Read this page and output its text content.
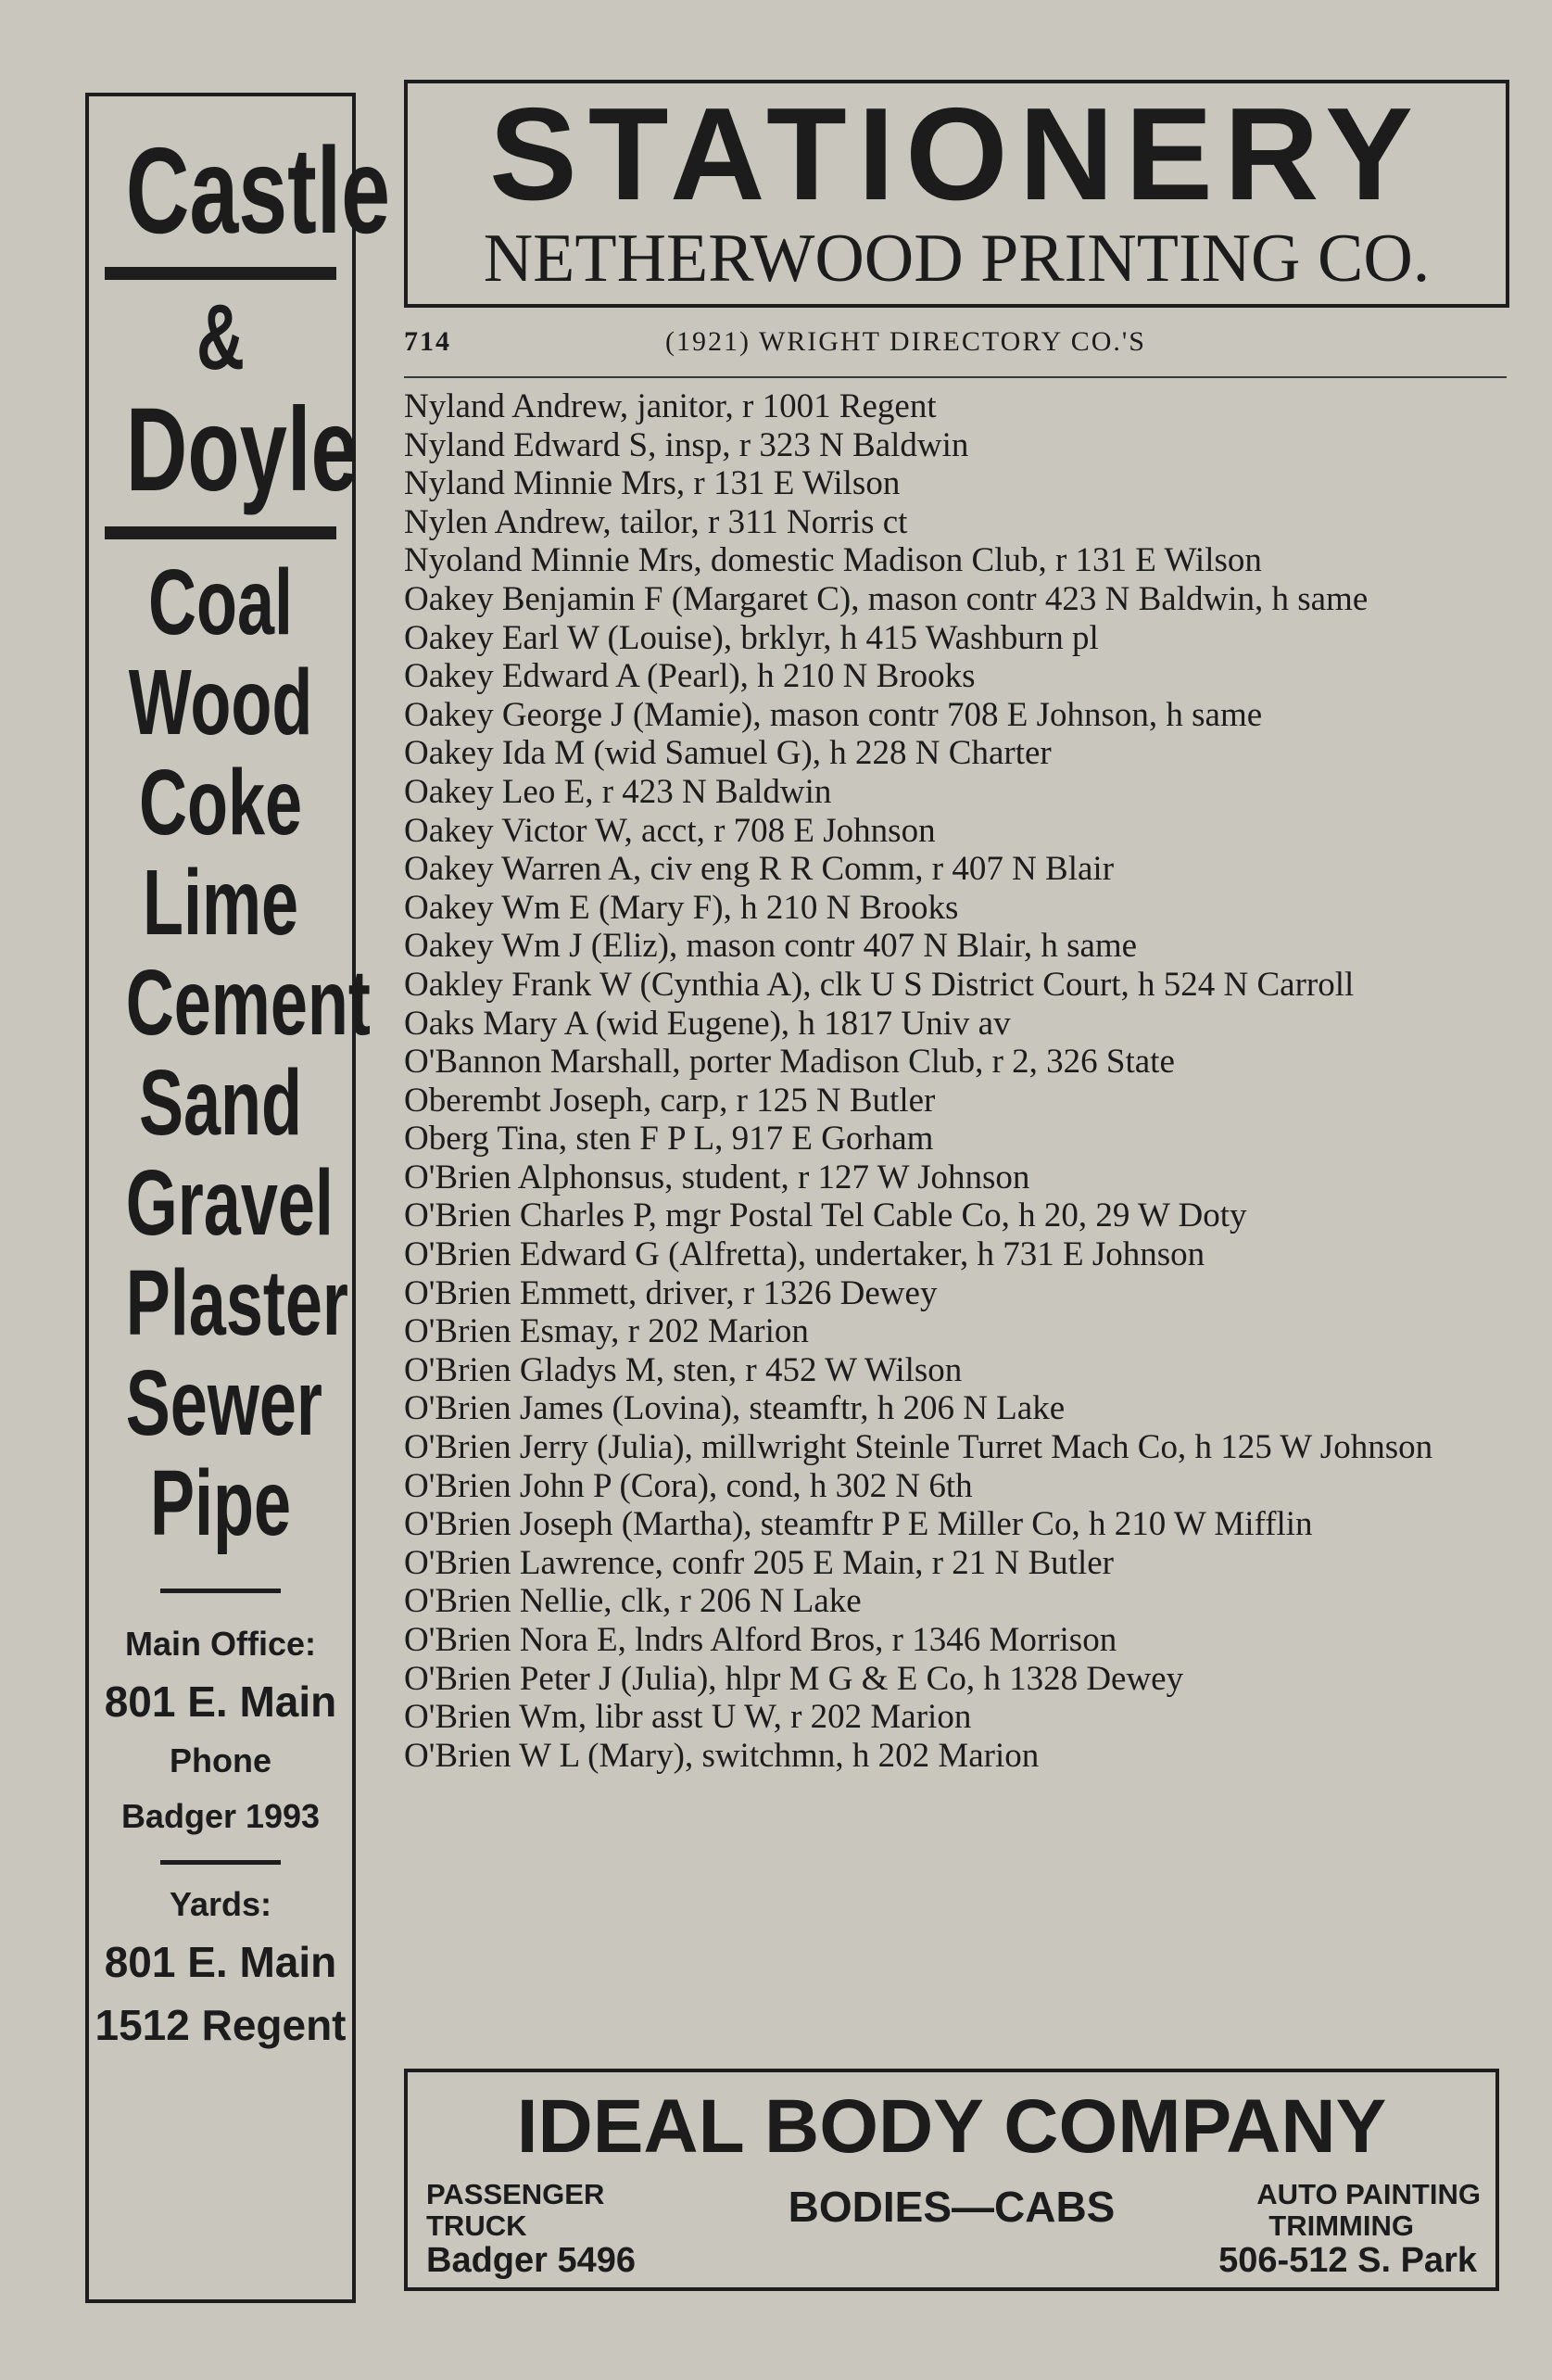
Castle
&
Doyle
Coal
Wood
Coke
Lime
Cement
Sand
Gravel
Plaster
Sewer
Pipe
Main Office:
801 E. Main
Phone
Badger 1993
Yards:
801 E. Main
1512 Regent
STATIONERY
NETHERWOOD PRINTING CO.
714	(1921) WRIGHT DIRECTORY CO.'S
Nyland Andrew, janitor, r 1001 Regent
Nyland Edward S, insp, r 323 N Baldwin
Nyland Minnie Mrs, r 131 E Wilson
Nylen Andrew, tailor, r 311 Norris ct
Nyoland Minnie Mrs, domestic Madison Club, r 131 E Wilson
Oakey Benjamin F (Margaret C), mason contr 423 N Baldwin, h same
Oakey Earl W (Louise), brklyr, h 415 Washburn pl
Oakey Edward A (Pearl), h 210 N Brooks
Oakey George J (Mamie), mason contr 708 E Johnson, h same
Oakey Ida M (wid Samuel G), h 228 N Charter
Oakey Leo E, r 423 N Baldwin
Oakey Victor W, acct, r 708 E Johnson
Oakey Warren A, civ eng R R Comm, r 407 N Blair
Oakey Wm E (Mary F), h 210 N Brooks
Oakey Wm J (Eliz), mason contr 407 N Blair, h same
Oakley Frank W (Cynthia A), clk U S District Court, h 524 N Carroll
Oaks Mary A (wid Eugene), h 1817 Univ av
O'Bannon Marshall, porter Madison Club, r 2, 326 State
Oberembt Joseph, carp, r 125 N Butler
Oberg Tina, sten F P L, 917 E Gorham
O'Brien Alphonsus, student, r 127 W Johnson
O'Brien Charles P, mgr Postal Tel Cable Co, h 20, 29 W Doty
O'Brien Edward G (Alfretta), undertaker, h 731 E Johnson
O'Brien Emmett, driver, r 1326 Dewey
O'Brien Esmay, r 202 Marion
O'Brien Gladys M, sten, r 452 W Wilson
O'Brien James (Lovina), steamftr, h 206 N Lake
O'Brien Jerry (Julia), millwright Steinle Turret Mach Co, h 125 W Johnson
O'Brien John P (Cora), cond, h 302 N 6th
O'Brien Joseph (Martha), steamftr P E Miller Co, h 210 W Mifflin
O'Brien Lawrence, confr 205 E Main, r 21 N Butler
O'Brien Nellie, clk, r 206 N Lake
O'Brien Nora E, lndrs Alford Bros, r 1346 Morrison
O'Brien Peter J (Julia), hlpr M G & E Co, h 1328 Dewey
O'Brien Wm, libr asst U W, r 202 Marion
O'Brien W L (Mary), switchmn, h 202 Marion
IDEAL BODY COMPANY
PASSENGER
TRUCK
Badger 5496
BODIES—CABS	AUTO PAINTING
TRIMMING
506-512 S. Park
